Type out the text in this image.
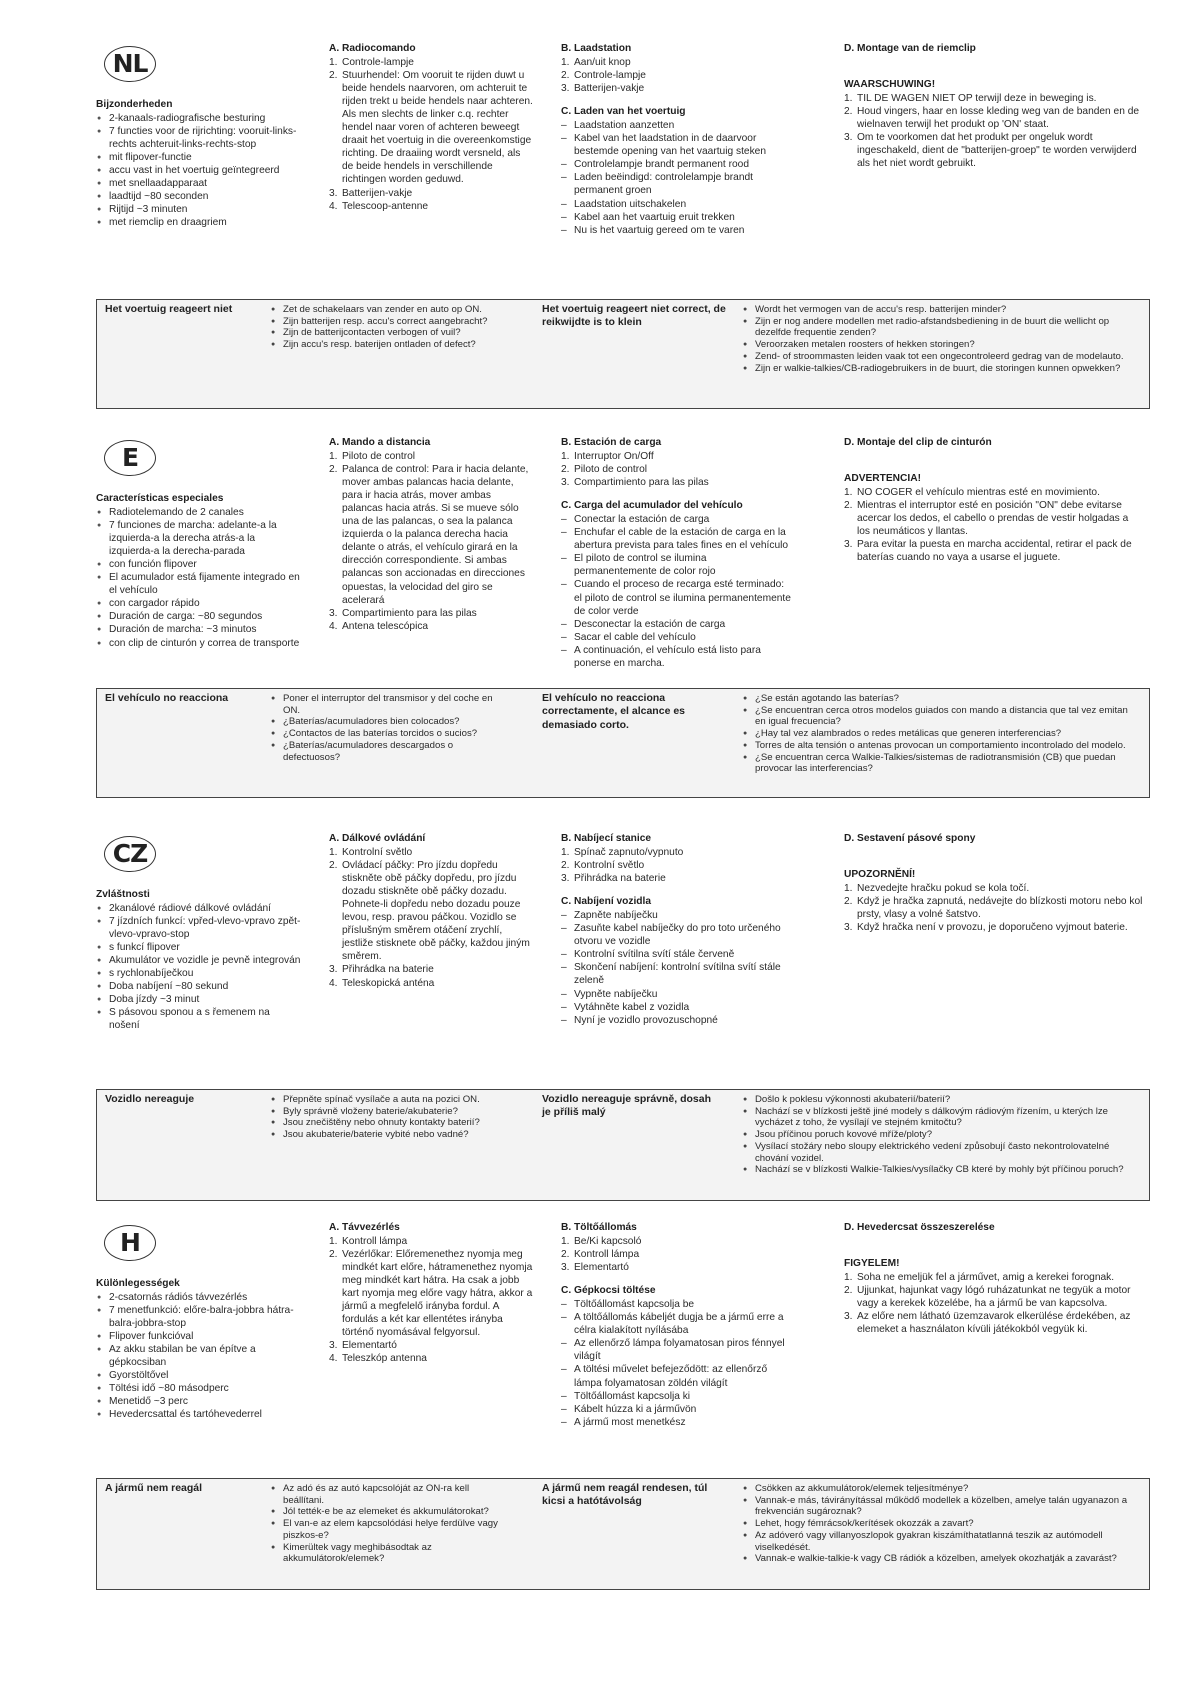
NL
Bijzonderheden
● 2-kanaals-radiografische besturing
● 7 functies voor de rijrichting: vooruit-links-rechts achteruit-links-rechts-stop
● mit flipover-functie
● accu vast in het voertuig geïntegreerd
● met snellaadapparaat
● laadtijd ~80 seconden
● Rijtijd ~3 minuten
● met riemclip en draagriem
A. Radiocomando
1. Controle-lampje
2. Stuurhendel: Om vooruit te rijden duwt u beide hendels naarvoren, om achteruit te rijden trekt u beide hendels naar achteren. Als men slechts de linker c.q. rechter hendel naar voren of achteren beweegt draait het voertuig in die overeenkomstige richting. De draaiing wordt versneld, als de beide hendels in verschillende richtingen worden geduwd.
3. Batterijen-vakje
4. Telescoop-antenne
B. Laadstation
1. Aan/uit knop
2. Controle-lampje
3. Batterijen-vakje
C. Laden van het voertuig
– Laadstation aanzetten
– Kabel van het laadstation in de daarvoor bestemde opening van het vaartuig steken
– Controlelampje brandt permanent rood
– Laden beëindigd: controlelampje brandt permanent groen
– Laadstation uitschakelen
– Kabel aan het vaartuig eruit trekken
– Nu is het vaartuig gereed om te varen
D. Montage van de riemclip
WAARSCHUWING!
1. TIL DE WAGEN NIET OP terwijl deze in beweging is.
2. Houd vingers, haar en losse kleding weg van de banden en de wielnaven terwijl het produkt op 'ON' staat.
3. Om te voorkomen dat het produkt per ongeluk wordt ingeschakeld, dient de "batterijen-groep" te worden verwijderd als het niet wordt gebruikt.
Het voertuig reageert niet	● Zet de schakelaars van zender en auto op ON.
● Zijn batterijen resp. accu's correct aangebracht?
● Zijn de batterijcontacten verbogen of vuil?
● Zijn accu's resp. baterijen ontladen of defect?
Het voertuig reageert niet correct, de reikwijdte is to klein
● Wordt het vermogen van de accu's resp. batterijen minder?
● Zijn er nog andere modellen met radio-afstandsbediening in de buurt die wellicht op dezelfde frequentie zenden?
● Veroorzaken metalen roosters of hekken storingen?
● Zend- of stroommasten leiden vaak tot een ongecontroleerd gedrag van de modelauto.
● Zijn er walkie-talkies/CB-radiogebruikers in de buurt, die storingen kunnen opwekken?
E
Características especiales
● Radiotelemando de 2 canales
● 7 funciones de marcha: adelante-a la izquierda-a la derecha atrás-a la izquierda-a la derecha-parada
● con función flipover
● El acumulador está fijamente integrado en el vehículo
● con cargador rápido
● Duración de carga: ~80 segundos
● Duración de marcha: ~3 minutos
● con clip de cinturón y correa de transporte
A. Mando a distancia
1. Piloto de control
2. Palanca de control: Para ir hacia delante, mover ambas palancas hacia delante, para ir hacia atrás, mover ambas palancas hacia atrás. Si se mueve sólo una de las palancas, o sea la palanca izquierda o la palanca derecha hacia delante o atrás, el vehículo girará en la dirección correspondiente. Si ambas palancas son accionadas en direcciones opuestas, la velocidad del giro se acelerará
3. Compartimiento para las pilas
4. Antena telescópica
B. Estación de carga
1. Interruptor On/Off
2. Piloto de control
3. Compartimiento para las pilas
C. Carga del acumulador del vehículo
– Conectar la estación de carga
– Enchufar el cable de la estación de carga en la abertura prevista para tales fines en el vehículo
– El piloto de control se ilumina permanentemente de color rojo
– Cuando el proceso de recarga esté terminado: el piloto de control se ilumina permanentemente de color verde
– Desconectar la estación de carga
– Sacar el cable del vehículo
– A continuación, el vehículo está listo para ponerse en marcha.
D. Montaje del clip de cinturón
ADVERTENCIA!
1. NO COGER el vehículo mientras esté en movimiento.
2. Mientras el interruptor esté en posición "ON" debe evitarse acercar los dedos, el cabello o prendas de vestir holgadas a los neumáticos y llantas.
3. Para evitar la puesta en marcha accidental, retirar el pack de baterías cuando no vaya a usarse el juguete.
El vehículo no reacciona	● Poner el interruptor del transmisor y del coche en ON.
● ¿Baterías/acumuladores bien colocados?
● ¿Contactos de las baterías torcidos o sucios?
● ¿Baterías/acumuladores descargados o defectuosos?
El vehículo no reacciona correctamente, el alcance es demasiado corto.
● ¿Se están agotando las baterías?
● ¿Se encuentran cerca otros modelos guiados con mando a distancia que tal vez emitan en igual frecuencia?
● ¿Hay tal vez alambrados o redes metálicas que generen interferencias?
● Torres de alta tensión o antenas provocan un comportamiento incontrolado del modelo.
● ¿Se encuentran cerca Walkie-Talkies/sistemas de radiotransmisión (CB) que puedan provocar las interferencias?
CZ
Zvláštnosti
● 2kanálové rádiové dálkové ovládání
● 7 jízdních funkcí: vpřed-vlevo-vpravo zpět-vlevo-vpravo-stop
● s funkcí flipover
● Akumulátor ve vozidle je pevně integrován
● s rychlonabíječkou
● Doba nabíjení ~80 sekund
● Doba jízdy ~3 minut
● S pásovou sponou a s řemenem na nošení
A. Dálkové ovládání
1. Kontrolní světlo
2. Ovládací páčky: Pro jízdu dopředu stiskněte obě páčky dopředu, pro jízdu dozadu stiskněte obě páčky dozadu. Pohnete-li dopředu nebo dozadu pouze levou, resp. pravou páčkou. Vozidlo se příslušným směrem otáčení zrychlí, jestliže stisknete obě páčky, každou jiným směrem.
3. Přihrádka na baterie
4. Teleskopická anténa
B. Nabíjecí stanice
1. Spínač zapnuto/vypnuto
2. Kontrolní světlo
3. Přihrádka na baterie
C. Nabíjení vozidla
– Zapněte nabíječku
– Zasuňte kabel nabíječky do pro toto určeného otvoru ve vozidle
– Kontrolní svítilna svítí stále červeně
– Skončení nabíjení: kontrolní svítilna svítí stále zeleně
– Vypněte nabíječku
– Vytáhněte kabel z vozidla
– Nyní je vozidlo provozuschopné
D. Sestavení pásové spony
UPOZORNĚNÍ!
1. Nezvedejte hračku pokud se kola točí.
2. Když je hračka zapnutá, nedávejte do blízkosti motoru nebo kol prsty, vlasy a volné šatstvo.
3. Když hračka není v provozu, je doporučeno vyjmout baterie.
Vozidlo nereaguje	● Přepněte spínač vysílače a auta na pozici ON.
● Byly správně vloženy baterie/akubaterie?
● Jsou znečištěny nebo ohnuty kontakty baterií?
● Jsou akubaterie/baterie vybité nebo vadné?
Vozidlo nereaguje správně, dosah je příliš malý
● Došlo k poklesu výkonnosti akubaterií/baterií?
● Nachází se v blízkosti ještě jiné modely s dálkovým rádiovým řízením, u kterých lze vycházet z toho, že vysílají ve stejném kmitočtu?
● Jsou příčinou poruch kovové mříže/ploty?
● Vysílací stožáry nebo sloupy elektrického vedení způsobují často nekontrolovatelné chování vozidel.
● Nachází se v blízkosti Walkie-Talkies/vysílačky CB které by mohly být příčinou poruch?
H
Különlegességek
● 2-csatornás rádiós távvezérlés
● 7 menetfunkció: előre-balra-jobbra hátra-balra-jobbra-stop
● Flipover funkcióval
● Az akku stabilan be van építve a gépkocsiban
● Gyorstöltővel
● Töltési idő ~80 másodperc
● Menetidő ~3 perc
● Hevedercsattal és tartóhevederrel
A. Távvezérlés
1. Kontroll lámpa
2. Vezérlőkar: Előremenethez nyomja meg mindkét kart előre, hátramenethez nyomja meg mindkét kart hátra. Ha csak a jobb kart nyomja meg előre vagy hátra, akkor a jármű a megfelelő irányba fordul. A fordulás a két kar ellentétes irányba történő nyomásával felgyorsul.
3. Elementartó
4. Teleszkóp antenna
B. Töltőállomás
1. Be/Ki kapcsoló
2. Kontroll lámpa
3. Elementartó
C. Gépkocsi töltése
– Töltőállomást kapcsolja be
– A töltőállomás kábeljét dugja be a jármű erre a célra kialakított nyílásába
– Az ellenőrző lámpa folyamatosan piros fénnyel világít
– A töltési művelet befejeződött: az ellenőrző lámpa folyamatosan zöldén világít
– Töltőállomást kapcsolja ki
– Kábelt húzza ki a járművön
– A jármű most menetkész
D. Hevedercsat összeszerelése
FIGYELEM!
1. Soha ne emeljük fel a járművet, amig a kerekei forognak.
2. Ujjunkat, hajunkat vagy lógó ruházatunkat ne tegyük a motor vagy a kerekek közelébe, ha a jármű be van kapcsolva.
3. Az előre nem látható üzemzavarok elkerülése érdekében, az elemeket a használaton kívüli játékokból vegyük ki.
A jármű nem reagál	● Az adó és az autó kapcsolóját az ON-ra kell beállítani.
● Jól tették-e be az elemeket és akkumulátorokat?
● El van-e az elem kapcsolódási helye ferdülve vagy piszkos-e?
● Kimerültek vagy meghibásodtak az akkumulátorok/elemek?
A jármű nem reagál rendesen, túl kicsi a hatótávolság
● Csökken az akkumulátorok/elemek teljesítménye?
● Vannak-e más, távirányítással működő modellek a közelben, amelye talán ugyanazon a frekvencián sugároznak?
● Lehet, hogy fémrácsok/kerítések okozzák a zavart?
● Az adóveró vagy villanyoszlopok gyakran kiszámíthatatlanná teszik az autómodell viselkedését.
● Vannak-e walkie-talkie-k vagy CB rádiók a közelben, amelyek okozhatják a zavarást?
